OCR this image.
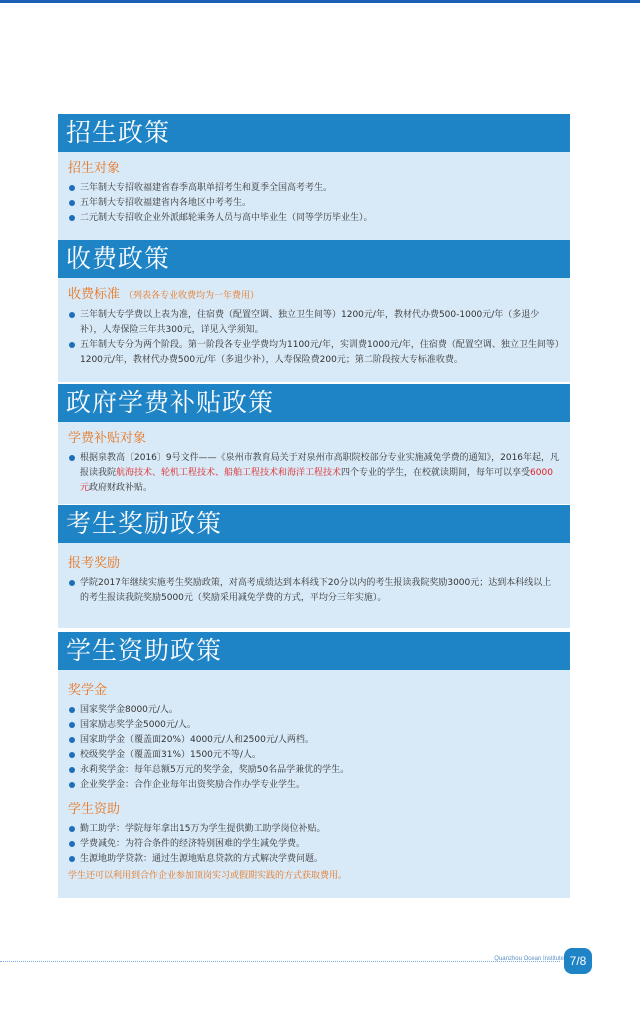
招生政策
招生对象
三年制大专招收福建省春季高职单招考生和夏季全国高考考生。
五年制大专招收福建省内各地区中考考生。
二元制大专招收企业外派邮轮乘务人员与高中毕业生（同等学历毕业生）。
收费政策
收费标准 （列表各专业收费均为一年费用）
三年制大专学费以上表为准，住宿费（配置空调、独立卫生间等）1200元/年，教材代办费500-1000元/年（多退少补），人寿保险三年共300元，详见入学须知。
五年制大专分为两个阶段。第一阶段各专业学费均为1100元/年，实训费1000元/年，住宿费（配置空调、独立卫生间等）1200元/年，教材代办费500元/年（多退少补），人寿保险费200元；第二阶段按大专标准收费。
政府学费补贴政策
学费补贴对象
根据泉教高〔2016〕9号文件——《泉州市教育局关于对泉州市高职院校部分专业实施减免学费的通知》，2016年起，凡报读我院航海技术、轮机工程技术、船舶工程技术和海洋工程技术四个专业的学生，在校就读期间，每年可以享受6000元政府财政补贴。
考生奖励政策
报考奖励
学院2017年继续实施考生奖励政策，对高考成绩达到本科线下20分以内的考生报读我院奖励3000元；达到本科线以上的考生报读我院奖励5000元（奖励采用减免学费的方式，平均分三年实施）。
学生资助政策
奖学金
国家奖学金8000元/人。
国家励志奖学金5000元/人。
国家助学金（覆盖面20%）4000元/人和2500元/人两档。
校级奖学金（覆盖面31%）1500元不等/人。
永莉奖学金：每年总额5万元的奖学金，奖励50名品学兼优的学生。
企业奖学金：合作企业每年出资奖励合作办学专业学生。
学生资助
勤工助学：学院每年拿出15万为学生提供勤工助学岗位补贴。
学费减免：为符合条件的经济特别困难的学生减免学费。
生源地助学贷款：通过生源地贴息贷款的方式解决学费问题。
学生还可以利用到合作企业参加顶岗实习或假期实践的方式获取费用。
Quanzhou Ocean Institute 7/8
